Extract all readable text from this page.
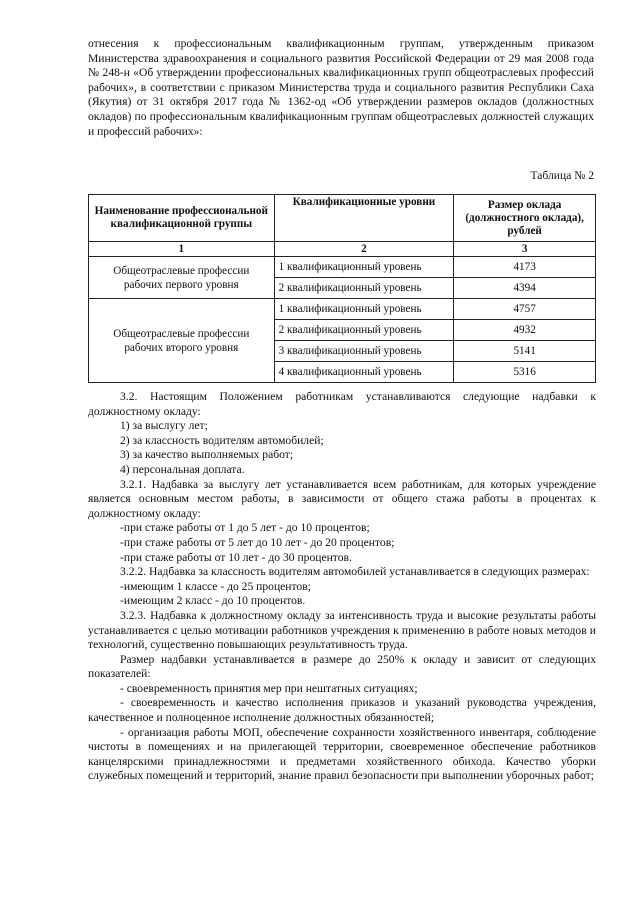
отнесения к профессиональным квалификационным группам, утвержденным приказом Министерства здравоохранения и социального развития Российской Федерации от 29 мая 2008 года № 248-н «Об утверждении профессиональных квалификационных групп общеотраслевых профессий рабочих», в соответствии с приказом Министерства труда и социального развития Республики Саха (Якутия) от 31 октября 2017 года № 1362-од «Об утверждении размеров окладов (должностных окладов) по профессиональным квалификационным группам общеотраслевых должностей служащих и профессий рабочих»:

Таблица № 2
Наименование профессиональной квалификационной группы	Квалификационные уровни	Размер оклада (должностного оклада), рублей
1	2	3
Общеотраслевые профессии рабочих первого уровня	1 квалификационный уровень	4173
	2 квалификационный уровень	4394
Общеотраслевые профессии рабочих второго уровня	1 квалификационный уровень	4757
	2 квалификационный уровень	4932
	3 квалификационный уровень	5141
	4 квалификационный уровень	5316

3.2. Настоящим Положением работникам устанавливаются следующие надбавки к должностному окладу:

1) за выслугу лет;

2) за классность водителям автомобилей;

3) за качество выполняемых работ;

4) персональная доплата.

3.2.1. Надбавка за выслугу лет устанавливается всем работникам, для которых учреждение является основным местом работы, в зависимости от общего стажа работы в процентах к должностному окладу:

-при стаже работы от 1 до 5 лет - до 10 процентов;

-при стаже работы от 5 лет до 10 лет - до 20 процентов;

-при стаже работы от 10 лет - до 30 процентов.

3.2.2. Надбавка за классность водителям автомобилей устанавливается в следующих размерах:

-имеющим 1 классе - до 25 процентов;

-имеющим 2 класс - до 10 процентов.

3.2.3. Надбавка к должностному окладу за интенсивность труда и высокие результаты работы устанавливается с целью мотивации работников учреждения к применению в работе новых методов и технологий, существенно повышающих результативность труда.

Размер надбавки устанавливается в размере до 250% к окладу и зависит от следующих показателей:

- своевременность принятия мер при нештатных ситуациях;

- своевременность и качество исполнения приказов и указаний руководства учреждения, качественное и полноценное исполнение должностных обязанностей;

- организация работы МОП, обеспечение сохранности хозяйственного инвентаря, соблюдение чистоты в помещениях и на прилегающей территории, своевременное обеспечение работников канцелярскими принадлежностями и предметами хозяйственного обихода. Качество уборки служебных помещений и территорий, знание правил безопасности при выполнении уборочных работ;
